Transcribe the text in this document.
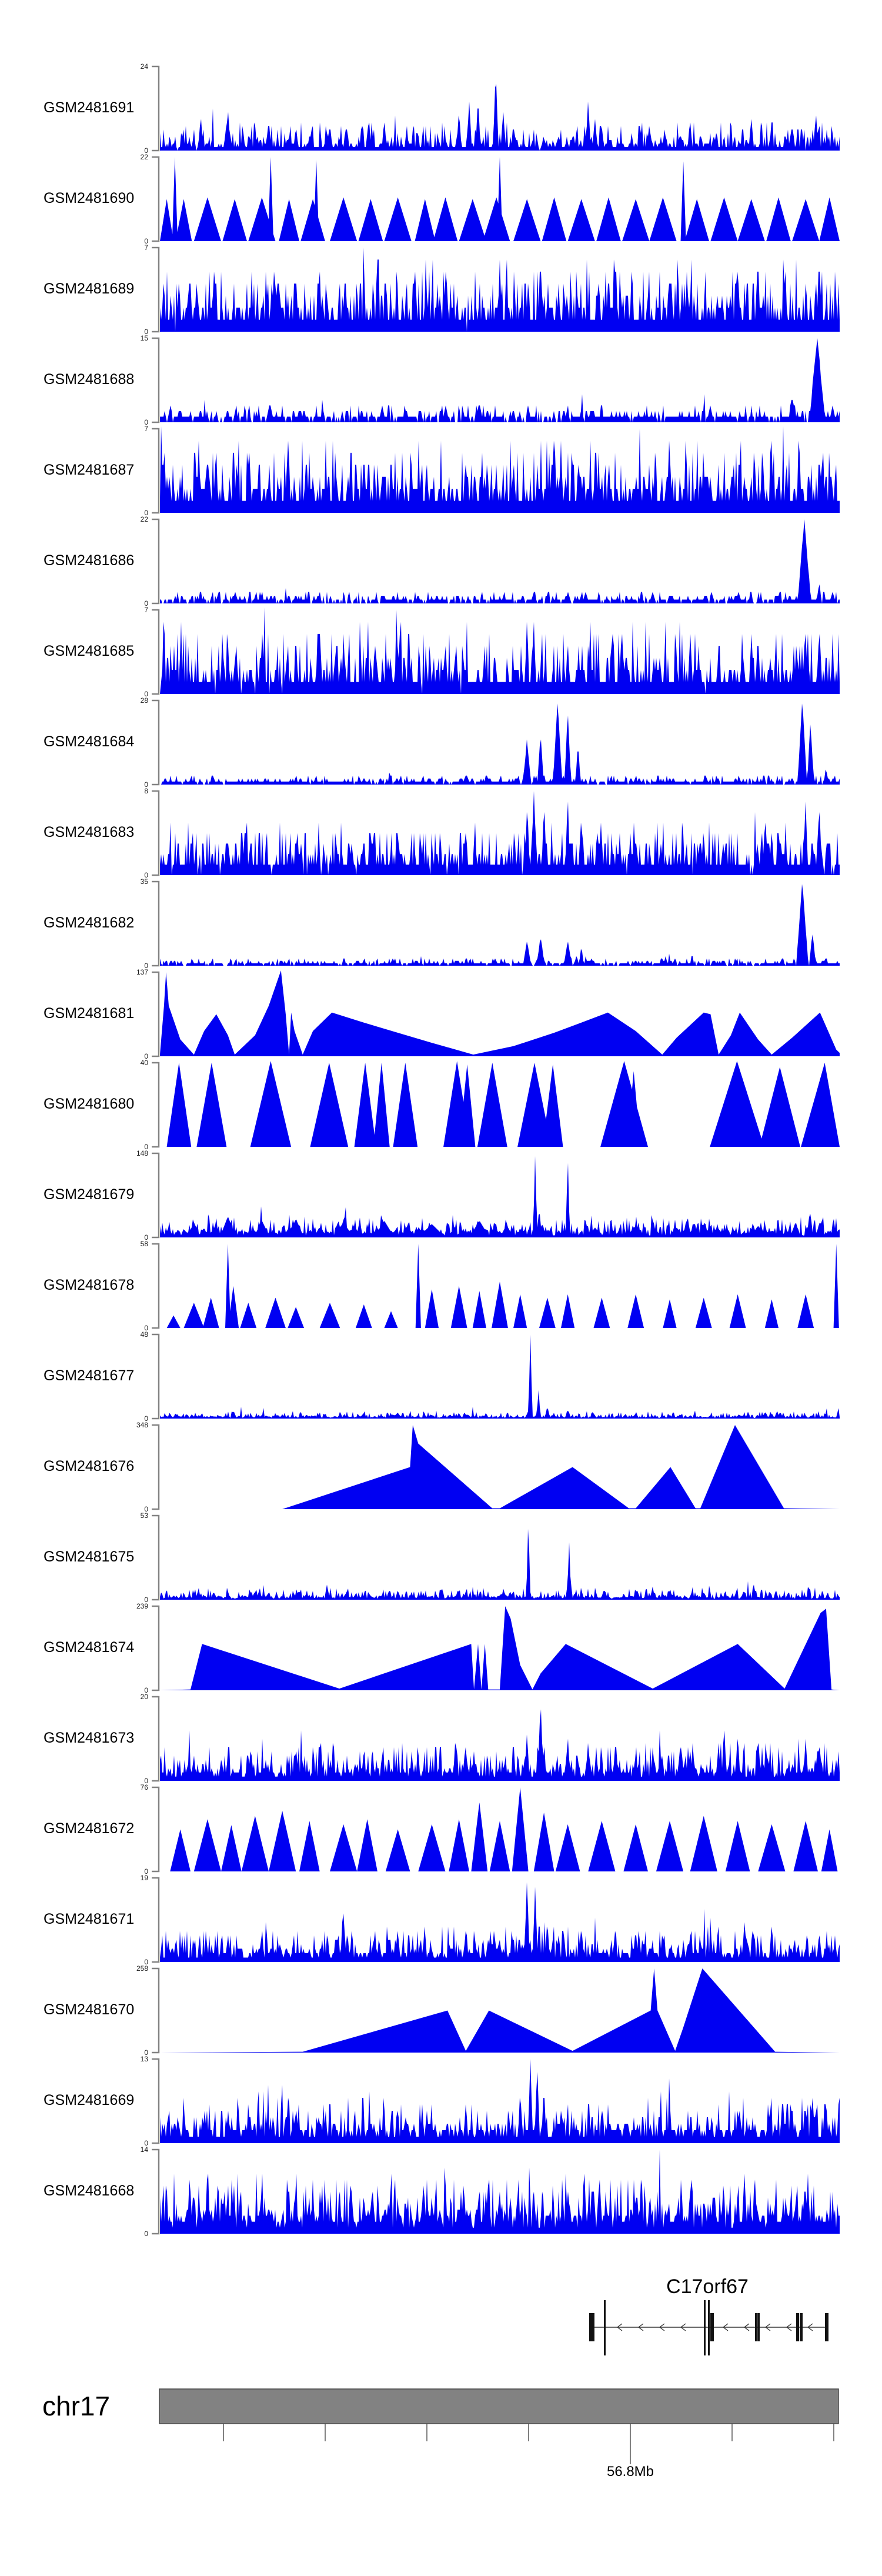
C17orf67
chr17
56.8Mb
GSM2481691
24
0
GSM2481690
22
0
GSM2481689
7
0
GSM2481688
15
0
GSM2481687
7
0
GSM2481686
22
0
GSM2481685
7
0
GSM2481684
28
0
GSM2481683
8
0
GSM2481682
35
0
GSM2481681
137
0
GSM2481680
40
0
GSM2481679
148
0
GSM2481678
58
0
GSM2481677
48
0
GSM2481676
348
0
GSM2481675
53
0
GSM2481674
239
0
GSM2481673
20
0
GSM2481672
76
0
GSM2481671
19
0
GSM2481670
258
0
GSM2481669
13
0
GSM2481668
14
0
